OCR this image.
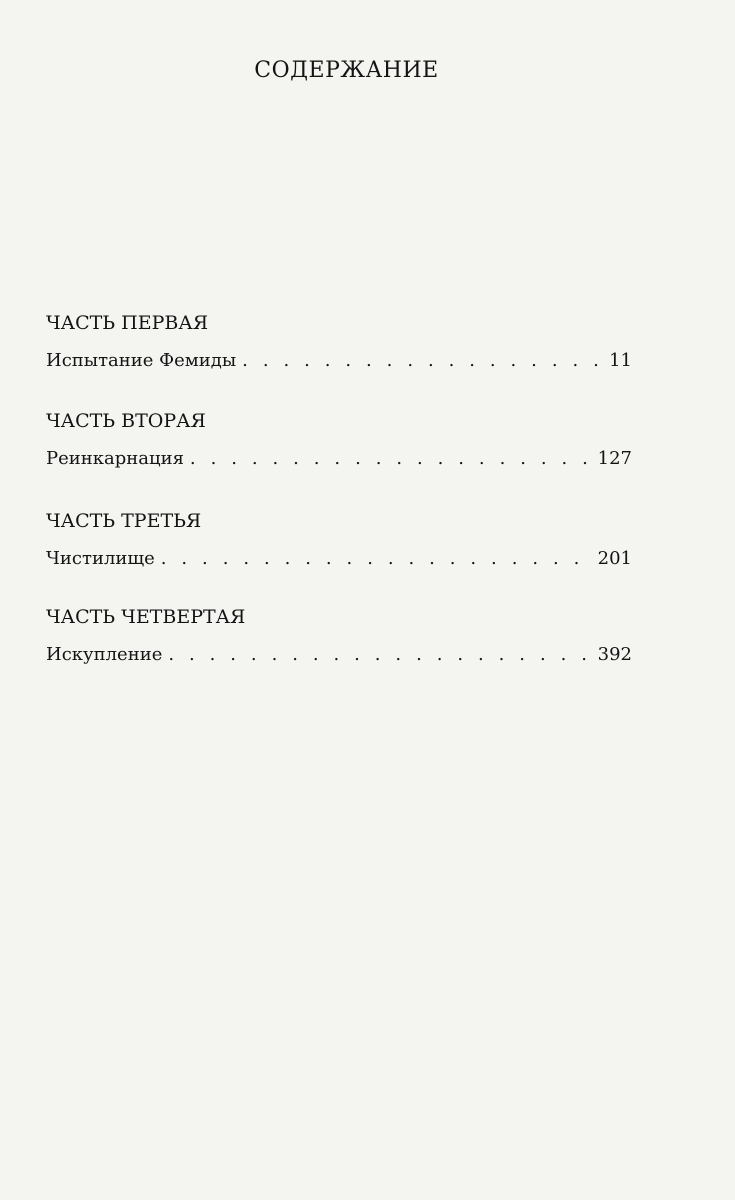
СОДЕРЖАНИЕ
ЧАСТЬ ПЕРВАЯ
Испытание Фемиды . . .	11
ЧАСТЬ ВТОРАЯ
Реинкарнация . . .	127
ЧАСТЬ ТРЕТЬЯ
Чистилище . . .	201
ЧАСТЬ ЧЕТВЕРТАЯ
Искупление . . .	392
